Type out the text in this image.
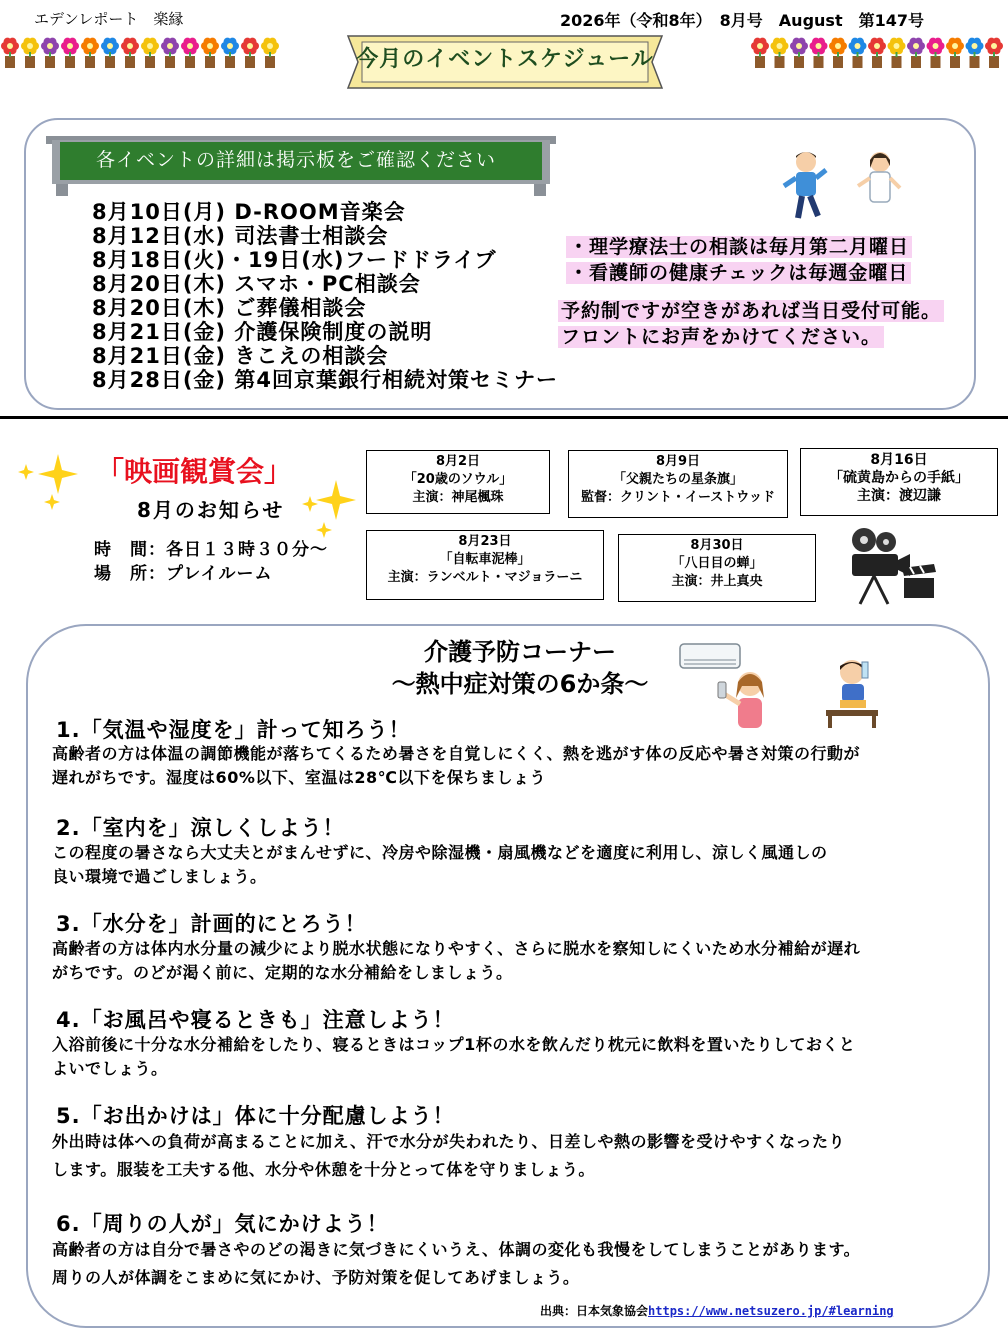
エデンレポート　楽縁	2026年（令和8年）　8月号　August　第147号
今月のイベントスケジュール
各イベントの詳細は掲示板をご確認ください
8月10日(月) D-ROOM音楽会
8月12日(水) 司法書士相談会
8月18日(火)・19日(水)フードドライブ
8月20日(木) スマホ・PC相談会
8月20日(木) ご葬儀相談会
8月21日(金) 介護保険制度の説明
8月21日(金) きこえの相談会
8月28日(金) 第4回京葉銀行相続対策セミナー
・理学療法士の相談は毎月第二月曜日
・看護師の健康チェックは毎週金曜日
予約制ですが空きがあれば当日受付可能。
フロントにお声をかけてください。
「映画観賞会」
8月のお知らせ
時　間：各日１３時３０分～
場　所：プレイルーム
8月2日
「20歳のソウル」
主演：神尾楓珠
8月9日
「父親たちの星条旗」
監督：クリント・イーストウッド
8月16日
「硫黄島からの手紙」
主演：渡辺謙
8月23日
「自転車泥棒」
主演：ランベルト・マジョラーニ
8月30日
「八日目の蝉」
主演：井上真央
介護予防コーナー
～熱中症対策の6か条～
1.「気温や湿度を」計って知ろう！
高齢者の方は体温の調節機能が落ちてくるため暑さを自覚しにくく、熱を逃がす体の反応や暑さ対策の行動が
遅れがちです。湿度は60%以下、室温は28℃以下を保ちましょう
2.「室内を」涼しくしよう！
この程度の暑さなら大丈夫とがまんせずに、冷房や除湿機・扇風機などを適度に利用し、涼しく風通しの
良い環境で過ごしましょう。
3.「水分を」計画的にとろう！
高齢者の方は体内水分量の減少により脱水状態になりやすく、さらに脱水を察知しにくいため水分補給が遅れ
がちです。のどが渇く前に、定期的な水分補給をしましょう。
4.「お風呂や寝るときも」注意しよう！
入浴前後に十分な水分補給をしたり、寝るときはコップ1杯の水を飲んだり枕元に飲料を置いたりしておくと
よいでしょう。
5.「お出かけは」体に十分配慮しよう！
外出時は体への負荷が高まることに加え、汗で水分が失われたり、日差しや熱の影響を受けやすくなったり
します。服装を工夫する他、水分や休憩を十分とって体を守りましょう。
6.「周りの人が」気にかけよう！
高齢者の方は自分で暑さやのどの渇きに気づきにくいうえ、体調の変化も我慢をしてしまうことがあります。
周りの人が体調をこまめに気にかけ、予防対策を促してあげましょう。
出典：日本気象協会https://www.netsuzero.jp/#learning
